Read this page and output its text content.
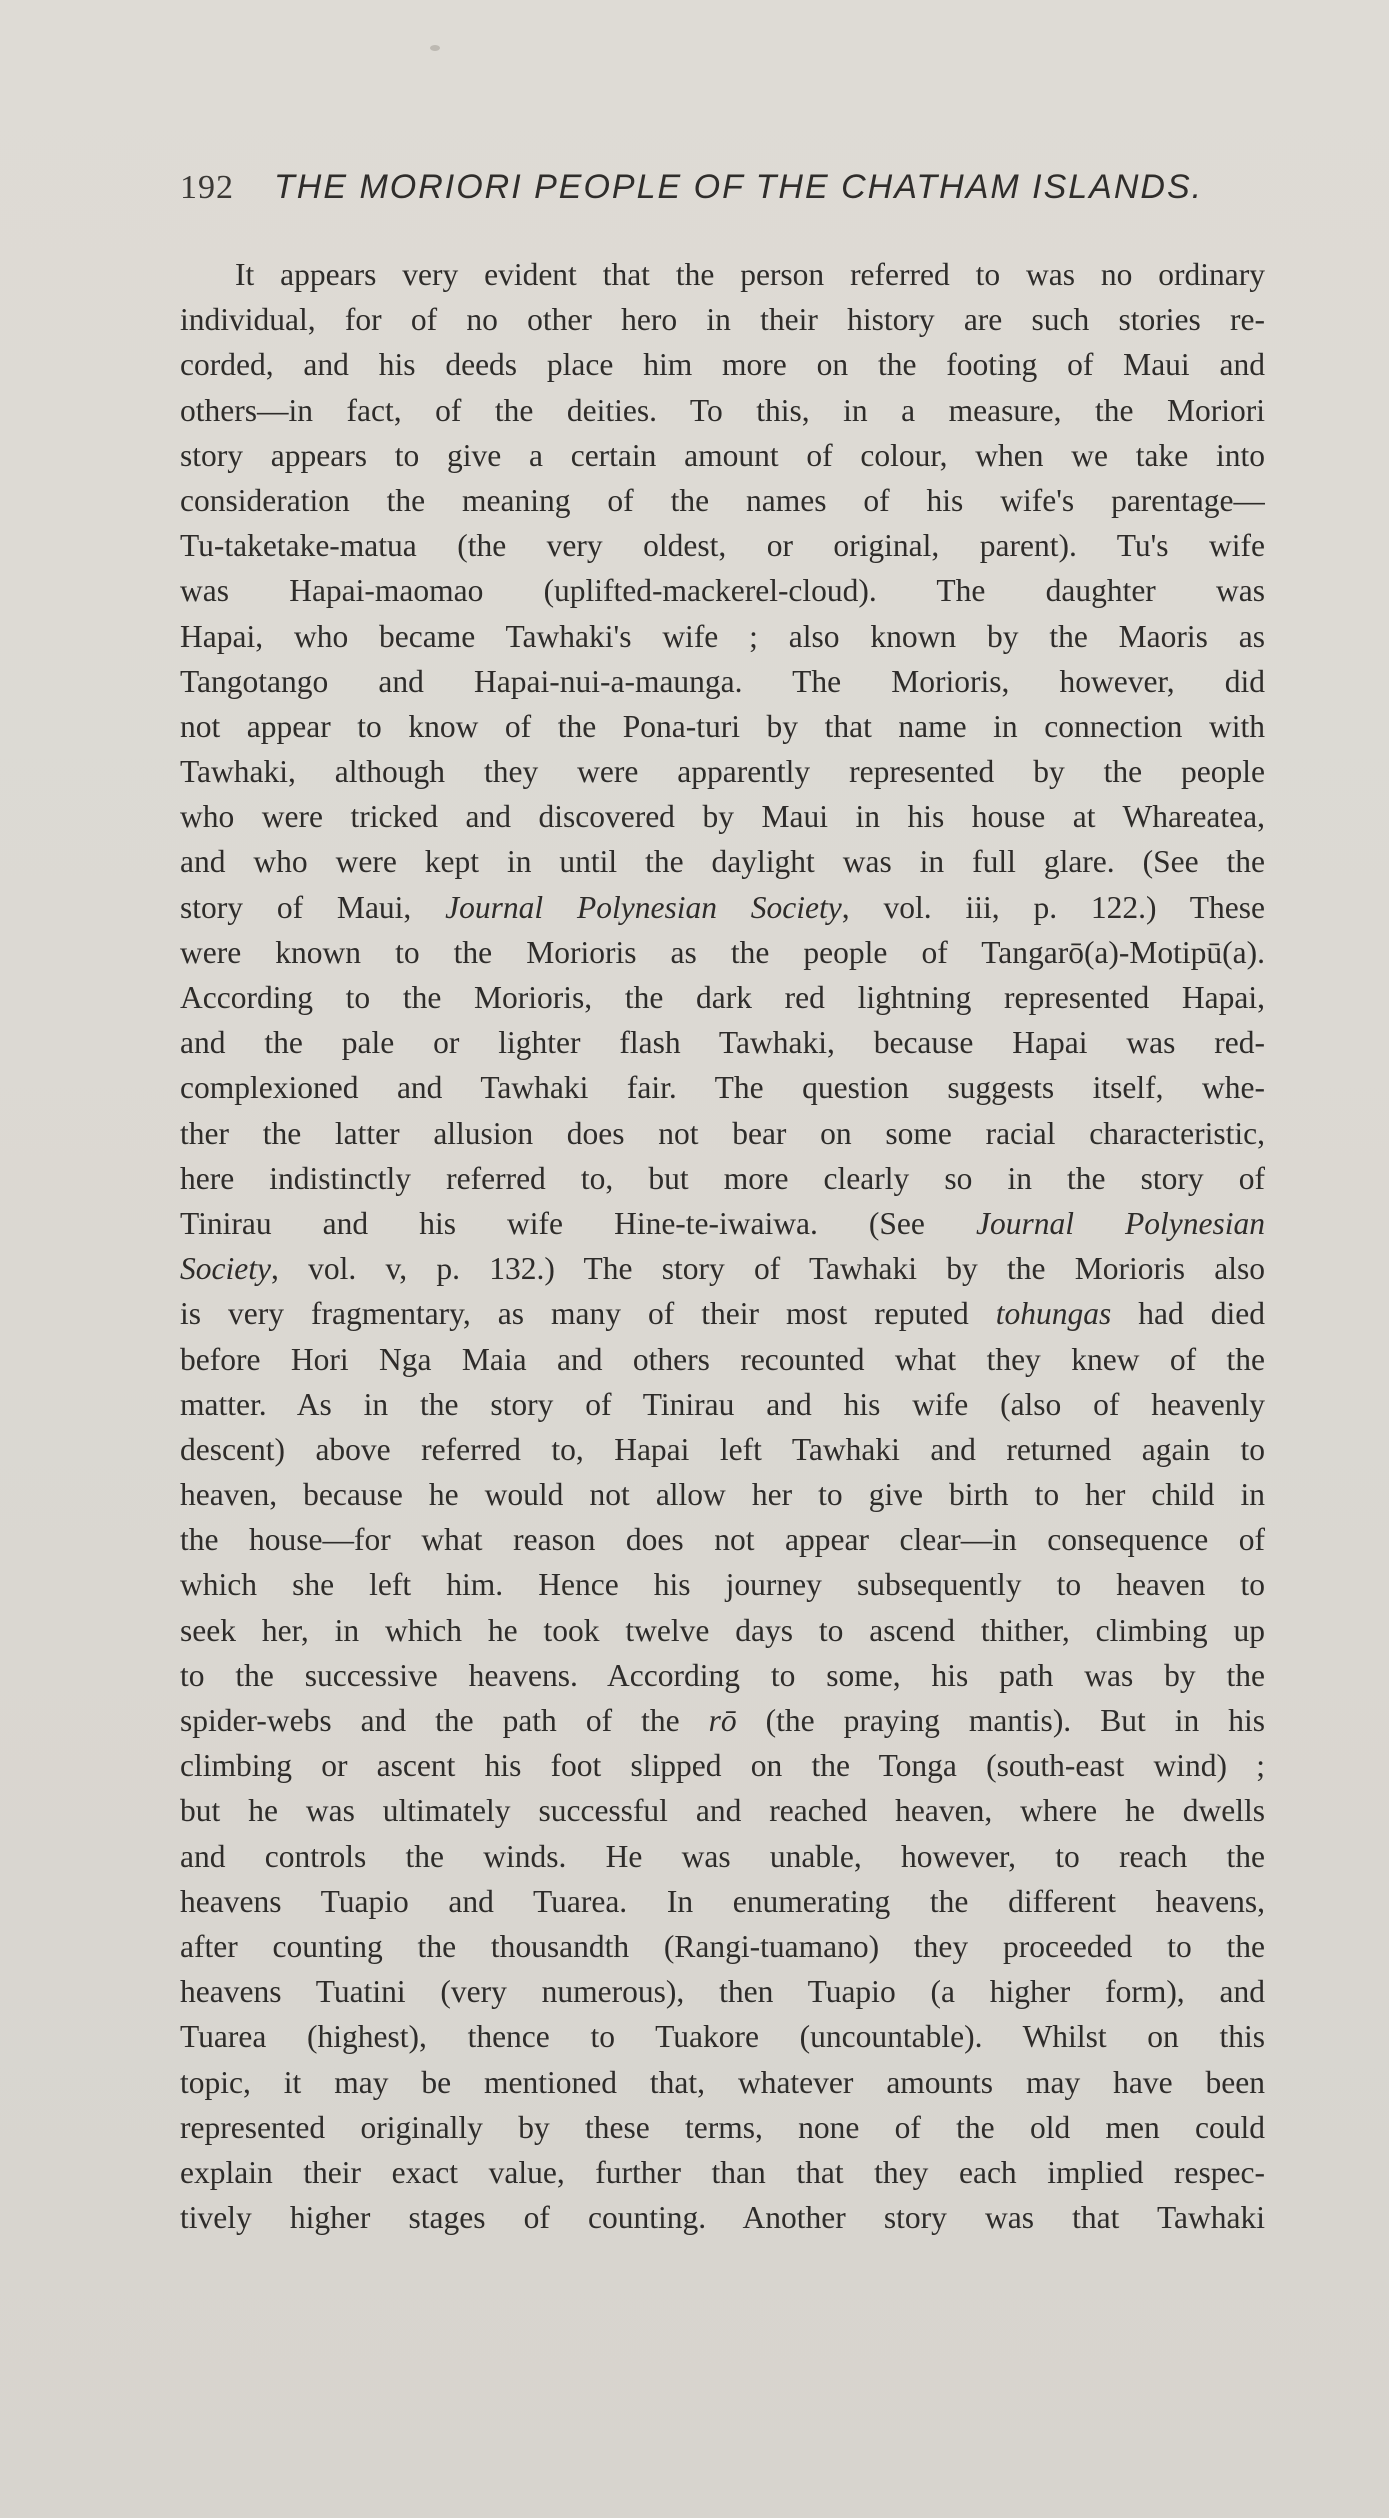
192 THE MORIORI PEOPLE OF THE CHATHAM ISLANDS.
It appears very evident that the person referred to was no ordinary
individual, for of no other hero in their history are such stories re-
corded, and his deeds place him more on the footing of Maui and
others—in fact, of the deities. To this, in a measure, the Moriori
story appears to give a certain amount of colour, when we take into
consideration the meaning of the names of his wife's parentage—
Tu-taketake-matua (the very oldest, or original, parent). Tu's wife
was Hapai-maomao (uplifted-mackerel-cloud). The daughter was
Hapai, who became Tawhaki's wife ; also known by the Maoris as
Tangotango and Hapai-nui-a-maunga. The Morioris, however, did
not appear to know of the Pona-turi by that name in connection with
Tawhaki, although they were apparently represented by the people
who were tricked and discovered by Maui in his house at Whareatea,
and who were kept in until the daylight was in full glare. (See the
story of Maui, Journal Polynesian Society, vol. iii, p. 122.) These
were known to the Morioris as the people of Tangarō(a)-Motipū(a).
According to the Morioris, the dark red lightning represented Hapai,
and the pale or lighter flash Tawhaki, because Hapai was red-
complexioned and Tawhaki fair. The question suggests itself, whe-
ther the latter allusion does not bear on some racial characteristic,
here indistinctly referred to, but more clearly so in the story of
Tinirau and his wife Hine-te-iwaiwa. (See Journal Polynesian
Society, vol. v, p. 132.) The story of Tawhaki by the Morioris also
is very fragmentary, as many of their most reputed tohungas had died
before Hori Nga Maia and others recounted what they knew of the
matter. As in the story of Tinirau and his wife (also of heavenly
descent) above referred to, Hapai left Tawhaki and returned again to
heaven, because he would not allow her to give birth to her child in
the house—for what reason does not appear clear—in consequence of
which she left him. Hence his journey subsequently to heaven to
seek her, in which he took twelve days to ascend thither, climbing up
to the successive heavens. According to some, his path was by the
spider-webs and the path of the rō (the praying mantis). But in his
climbing or ascent his foot slipped on the Tonga (south-east wind) ;
but he was ultimately successful and reached heaven, where he dwells
and controls the winds. He was unable, however, to reach the
heavens Tuapio and Tuarea. In enumerating the different heavens,
after counting the thousandth (Rangi-tuamano) they proceeded to the
heavens Tuatini (very numerous), then Tuapio (a higher form), and
Tuarea (highest), thence to Tuakore (uncountable). Whilst on this
topic, it may be mentioned that, whatever amounts may have been
represented originally by these terms, none of the old men could
explain their exact value, further than that they each implied respec-
tively higher stages of counting. Another story was that Tawhaki
